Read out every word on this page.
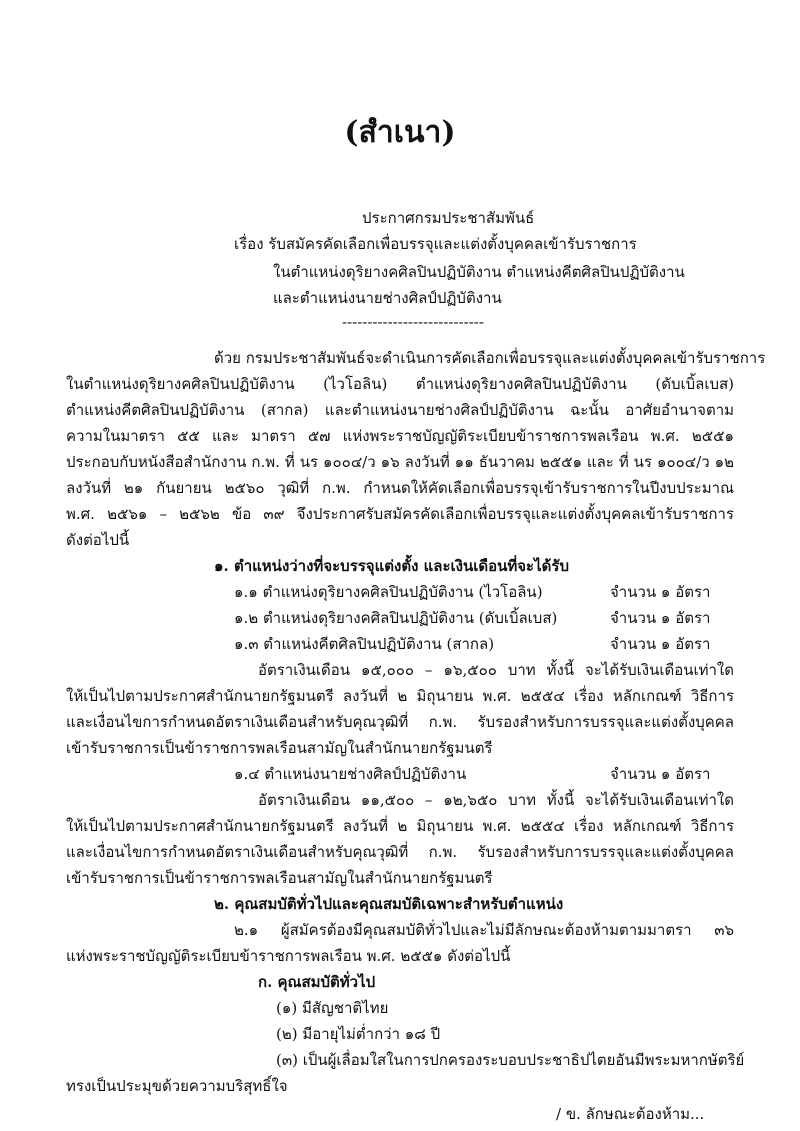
(สำเนา)
ประกาศกรมประชาสัมพันธ์
เรื่อง รับสมัครคัดเลือกเพื่อบรรจุและแต่งตั้งบุคคลเข้ารับราชการ
ในตำแหน่งดุริยางคศิลปินปฏิบัติงาน ตำแหน่งคีตศิลปินปฏิบัติงาน
และตำแหน่งนายช่างศิลป์ปฏิบัติงาน
----------------------------
ด้วย กรมประชาสัมพันธ์จะดำเนินการคัดเลือกเพื่อบรรจุและแต่งตั้งบุคคลเข้ารับราชการ
ในตำแหน่งดุริยางคศิลปินปฏิบัติงาน (ไวโอลิน) ตำแหน่งดุริยางคศิลปินปฏิบัติงาน (ดับเบิ้ลเบส)
ตำแหน่งคีตศิลปินปฏิบัติงาน (สากล) และตำแหน่งนายช่างศิลป์ปฏิบัติงาน ฉะนั้น อาศัยอำนาจตาม
ความในมาตรา ๕๕ และ มาตรา ๕๗ แห่งพระราชบัญญัติระเบียบข้าราชการพลเรือน พ.ศ. ๒๕๕๑
ประกอบกับหนังสือสำนักงาน ก.พ. ที่ นร ๑๐๐๔/ว ๑๖ ลงวันที่ ๑๑ ธันวาคม ๒๕๕๑ และ ที่ นร ๑๐๐๔/ว ๑๒
ลงวันที่ ๒๑ กันยายน ๒๕๖๐ วุฒิที่ ก.พ. กำหนดให้คัดเลือกเพื่อบรรจุเข้ารับราชการในปีงบประมาณ
พ.ศ. ๒๕๖๑ – ๒๕๖๒ ข้อ ๓๙ จึงประกาศรับสมัครคัดเลือกเพื่อบรรจุและแต่งตั้งบุคคลเข้ารับราชการ
ดังต่อไปนี้
๑. ตำแหน่งว่างที่จะบรรจุแต่งตั้ง และเงินเดือนที่จะได้รับ
๑.๑ ตำแหน่งดุริยางคศิลปินปฏิบัติงาน (ไวโอลิน)	จำนวน ๑ อัตรา
๑.๒ ตำแหน่งดุริยางคศิลปินปฏิบัติงาน (ดับเบิ้ลเบส)	จำนวน ๑ อัตรา
๑.๓ ตำแหน่งคีตศิลปินปฏิบัติงาน (สากล)	จำนวน ๑ อัตรา
อัตราเงินเดือน ๑๕,๐๐๐ – ๑๖,๕๐๐ บาท ทั้งนี้ จะได้รับเงินเดือนเท่าใด
ให้เป็นไปตามประกาศสำนักนายกรัฐมนตรี ลงวันที่ ๒ มิถุนายน พ.ศ. ๒๕๕๔ เรื่อง หลักเกณฑ์ วิธีการ
และเงื่อนไขการกำหนดอัตราเงินเดือนสำหรับคุณวุฒิที่ ก.พ. รับรองสำหรับการบรรจุและแต่งตั้งบุคคล
เข้ารับราชการเป็นข้าราชการพลเรือนสามัญในสำนักนายกรัฐมนตรี
๑.๔ ตำแหน่งนายช่างศิลป์ปฏิบัติงาน	จำนวน ๑ อัตรา
อัตราเงินเดือน ๑๑,๕๐๐ – ๑๒,๖๕๐ บาท ทั้งนี้ จะได้รับเงินเดือนเท่าใด
ให้เป็นไปตามประกาศสำนักนายกรัฐมนตรี ลงวันที่ ๒ มิถุนายน พ.ศ. ๒๕๕๔ เรื่อง หลักเกณฑ์ วิธีการ
และเงื่อนไขการกำหนดอัตราเงินเดือนสำหรับคุณวุฒิที่ ก.พ. รับรองสำหรับการบรรจุและแต่งตั้งบุคคล
เข้ารับราชการเป็นข้าราชการพลเรือนสามัญในสำนักนายกรัฐมนตรี
๒. คุณสมบัติทั่วไปและคุณสมบัติเฉพาะสำหรับตำแหน่ง
๒.๑ ผู้สมัครต้องมีคุณสมบัติทั่วไปและไม่มีลักษณะต้องห้ามตามมาตรา ๓๖
แห่งพระราชบัญญัติระเบียบข้าราชการพลเรือน พ.ศ. ๒๕๕๑ ดังต่อไปนี้
ก. คุณสมบัติทั่วไป
(๑) มีสัญชาติไทย
(๒) มีอายุไม่ต่ำกว่า ๑๘ ปี
(๓) เป็นผู้เลื่อมใสในการปกครองระบอบประชาธิปไตยอันมีพระมหากษัตริย์
ทรงเป็นประมุขด้วยความบริสุทธิ์ใจ
/ ข. ลักษณะต้องห้าม...
